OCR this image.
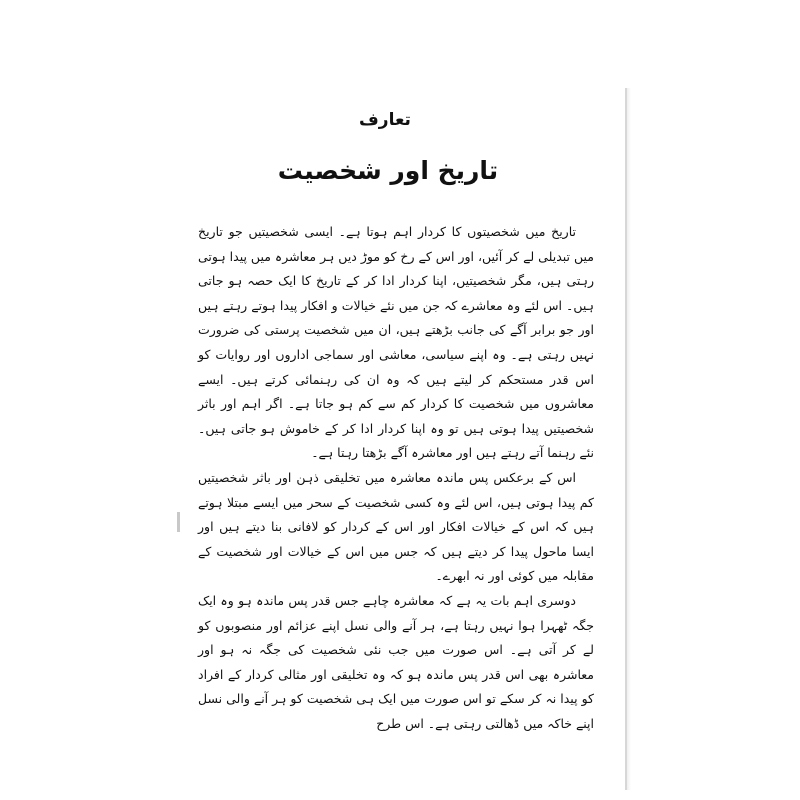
تعارف
تاریخ اور شخصیت

تاریخ میں شخصیتوں کا کردار اہم ہوتا ہے۔ ایسی شخصیتیں جو تاریخ میں تبدیلی لے کر آئیں، اور اس کے رخ کو موڑ دیں ہر معاشرہ میں پیدا ہوتی رہتی ہیں، مگر شخصیتیں، اپنا کردار ادا کر کے تاریخ کا ایک حصہ ہو جاتی ہیں۔ اس لئے وہ معاشرے کہ جن میں نئے خیالات و افکار پیدا ہوتے رہتے ہیں اور جو برابر آگے کی جانب بڑھتے ہیں، ان میں شخصیت پرستی کی ضرورت نہیں رہتی ہے۔ وہ اپنے سیاسی، معاشی اور سماجی اداروں اور روایات کو اس قدر مستحکم کر لیتے ہیں کہ وہ ان کی رہنمائی کرتے ہیں۔ ایسے معاشروں میں شخصیت کا کردار کم سے کم ہو جاتا ہے۔ اگر اہم اور باثر شخصیتیں پیدا ہوتی ہیں تو وہ اپنا کردار ادا کر کے خاموش ہو جاتی ہیں۔ نئے رہنما آتے رہتے ہیں اور معاشرہ آگے بڑھتا رہتا ہے۔

اس کے برعکس پس ماندہ معاشرہ میں تخلیقی ذہن اور باثر شخصیتیں کم پیدا ہوتی ہیں، اس لئے وہ کسی شخصیت کے سحر میں ایسے مبتلا ہوتے ہیں کہ اس کے خیالات افکار اور اس کے کردار کو لافانی بنا دیتے ہیں اور ایسا ماحول پیدا کر دیتے ہیں کہ جس میں اس کے خیالات اور شخصیت کے مقابلہ میں کوئی اور نہ ابھرے۔

دوسری اہم بات یہ ہے کہ معاشرہ چاہے جس قدر پس ماندہ ہو وہ ایک جگہ ٹھہرا ہوا نہیں رہتا ہے، ہر آنے والی نسل اپنے عزائم اور منصوبوں کو لے کر آتی ہے۔ اس صورت میں جب نئی شخصیت کی جگہ نہ ہو اور معاشرہ بھی اس قدر پس ماندہ ہو کہ وہ تخلیقی اور مثالی کردار کے افراد کو پیدا نہ کر سکے تو اس صورت میں ایک ہی شخصیت کو ہر آنے والی نسل اپنے خاکہ میں ڈھالتی رہتی ہے۔ اس طرح
